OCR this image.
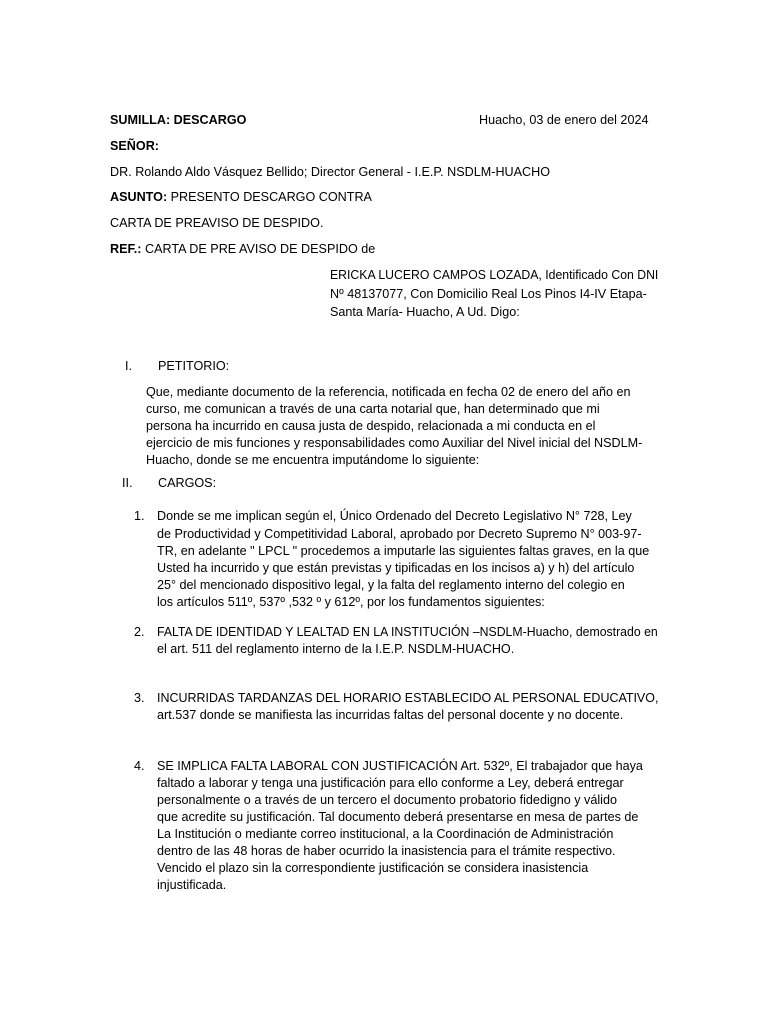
SUMILLA: DESCARGO	Huacho, 03 de enero del 2024
SEÑOR:
DR. Rolando Aldo Vásquez Bellido; Director General - I.E.P. NSDLM-HUACHO
ASUNTO: PRESENTO DESCARGO CONTRA
CARTA DE PREAVISO DE DESPIDO.
REF.: CARTA DE PRE AVISO DE DESPIDO de
ERICKA LUCERO CAMPOS LOZADA, Identificado Con DNI
Nº 48137077, Con Domicilio Real Los Pinos I4-IV Etapa-
Santa María- Huacho, A Ud. Digo:
I. PETITORIO:
Que, mediante documento de la referencia, notificada en fecha 02 de enero del año en
curso, me comunican a través de una carta notarial que, han determinado que mi
persona ha incurrido en causa justa de despido, relacionada a mi conducta en el
ejercicio de mis funciones y responsabilidades como Auxiliar del Nivel inicial del NSDLM-
Huacho, donde se me encuentra imputándome lo siguiente:
II. CARGOS:
1. Donde se me implican según el, Único Ordenado del Decreto Legislativo N° 728, Ley
de Productividad y Competitividad Laboral, aprobado por Decreto Supremo N° 003-97-
TR, en adelante " LPCL " procedemos a imputarle las siguientes faltas graves, en la que
Usted ha incurrido y que están previstas y tipificadas en los incisos a) y h) del artículo
25° del mencionado dispositivo legal, y la falta del reglamento interno del colegio en
los artículos 511º, 537º ,532 º y 612º, por los fundamentos siguientes:
2. FALTA DE IDENTIDAD Y LEALTAD EN LA INSTITUCIÓN –NSDLM-Huacho, demostrado en
el art. 511 del reglamento interno de la I.E.P. NSDLM-HUACHO.
3. INCURRIDAS TARDANZAS DEL HORARIO ESTABLECIDO AL PERSONAL EDUCATIVO,
art.537 donde se manifiesta las incurridas faltas del personal docente y no docente.
4. SE IMPLICA FALTA LABORAL CON JUSTIFICACIÓN Art. 532º, El trabajador que haya
faltado a laborar y tenga una justificación para ello conforme a Ley, deberá entregar
personalmente o a través de un tercero el documento probatorio fidedigno y válido
que acredite su justificación. Tal documento deberá presentarse en mesa de partes de
La Institución o mediante correo institucional, a la Coordinación de Administración
dentro de las 48 horas de haber ocurrido la inasistencia para el trámite respectivo.
Vencido el plazo sin la correspondiente justificación se considera inasistencia
injustificada.
